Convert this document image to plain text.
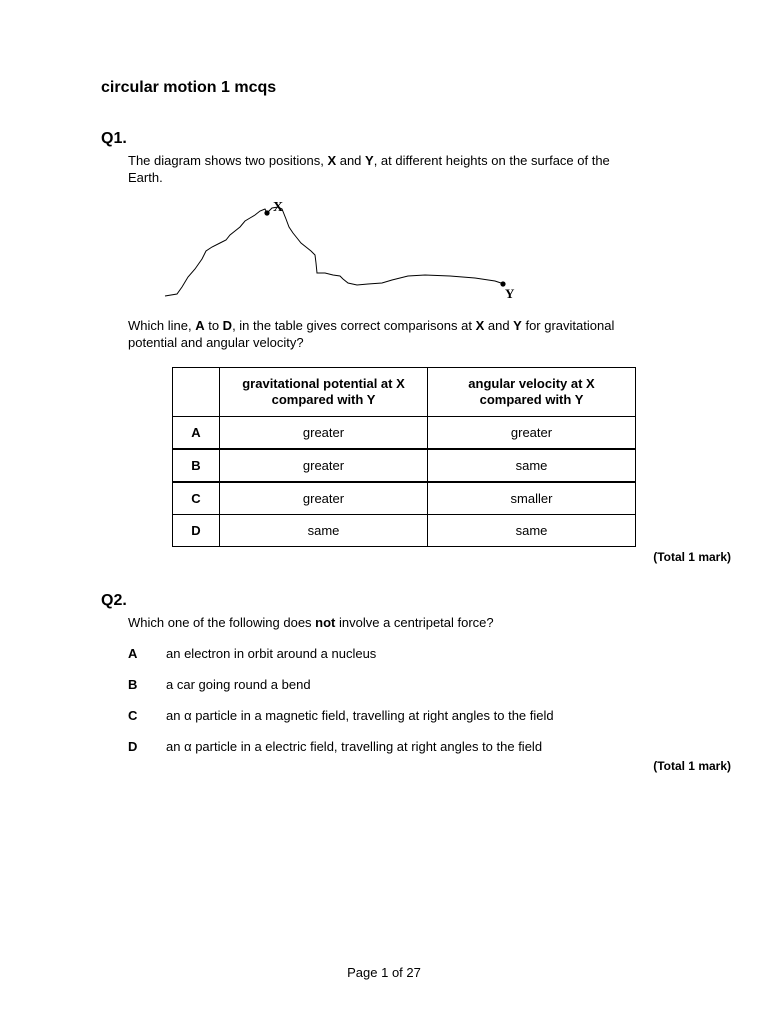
circular motion 1 mcqs
Q1.
The diagram shows two positions, X and Y, at different heights on the surface of the
Earth.
X
Y
Which line, A to D, in the table gives correct comparisons at X and Y for gravitational
potential and angular velocity?
	gravitational potential at X
compared with Y	angular velocity at X
compared with Y
A	greater	greater
B	greater	same
C	greater	smaller
D	same	same
(Total 1 mark)
Q2.
Which one of the following does not involve a centripetal force?
A an electron in orbit around a nucleus
B a car going round a bend
C an α particle in a magnetic field, travelling at right angles to the field
D an α particle in a electric field, travelling at right angles to the field
(Total 1 mark)
Page 1 of 27
